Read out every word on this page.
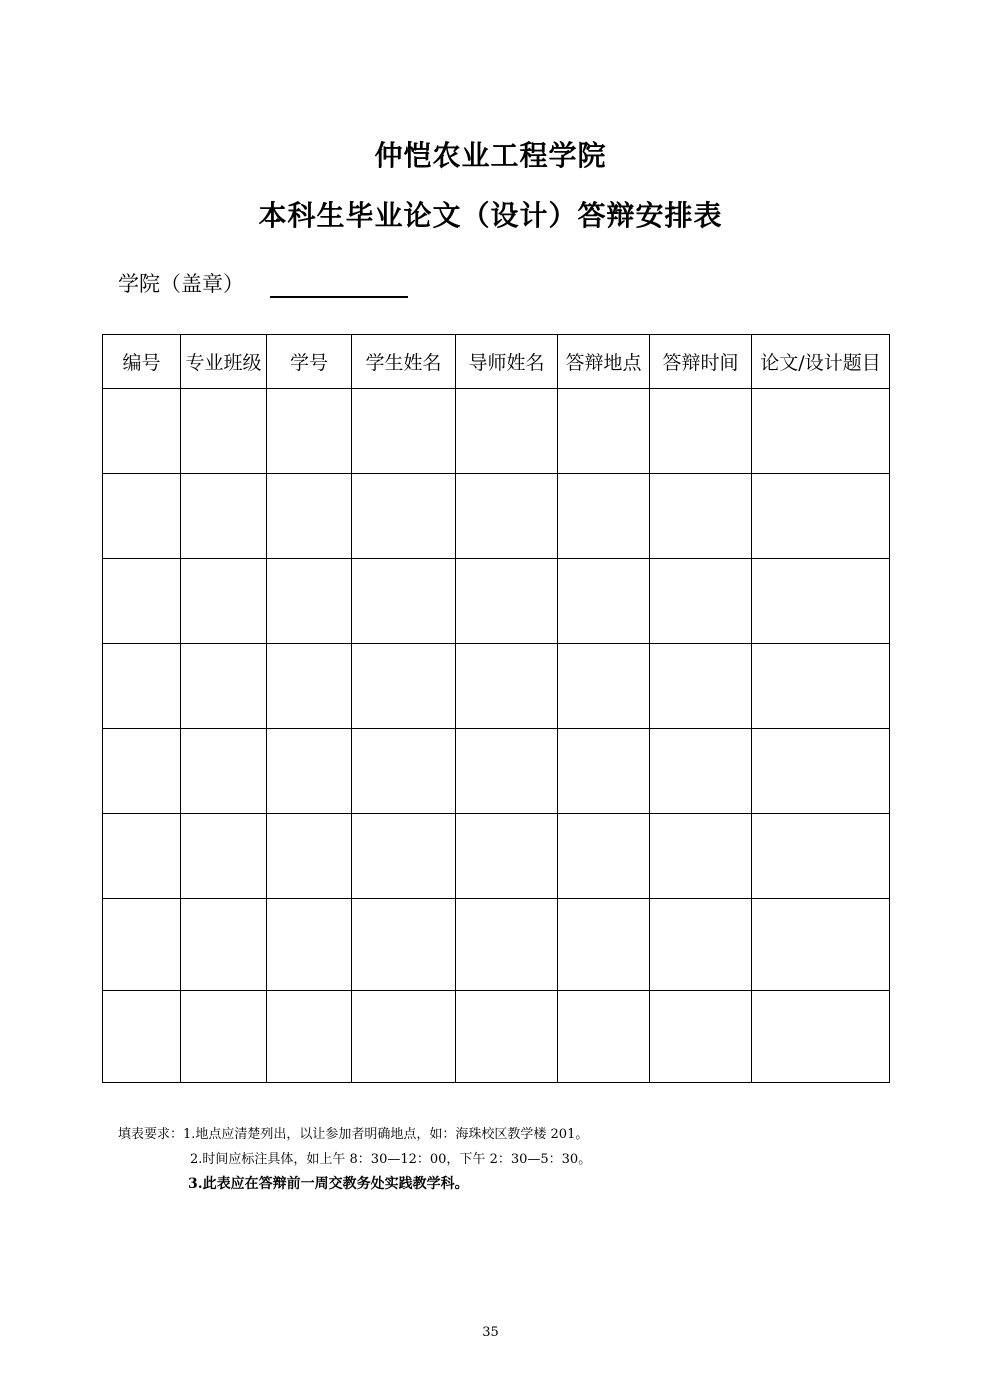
仲恺农业工程学院
本科生毕业论文（设计）答辩安排表
学院（盖章）
编号	专业班级	学号	学生姓名	导师姓名	答辩地点	答辩时间	论文/设计题目

填表要求：1.地点应清楚列出，以让参加者明确地点，如：海珠校区教学楼 201。
2.时间应标注具体，如上午 8：30—12：00，下午 2：30—5：30。
3.此表应在答辩前一周交教务处实践教学科。
35
